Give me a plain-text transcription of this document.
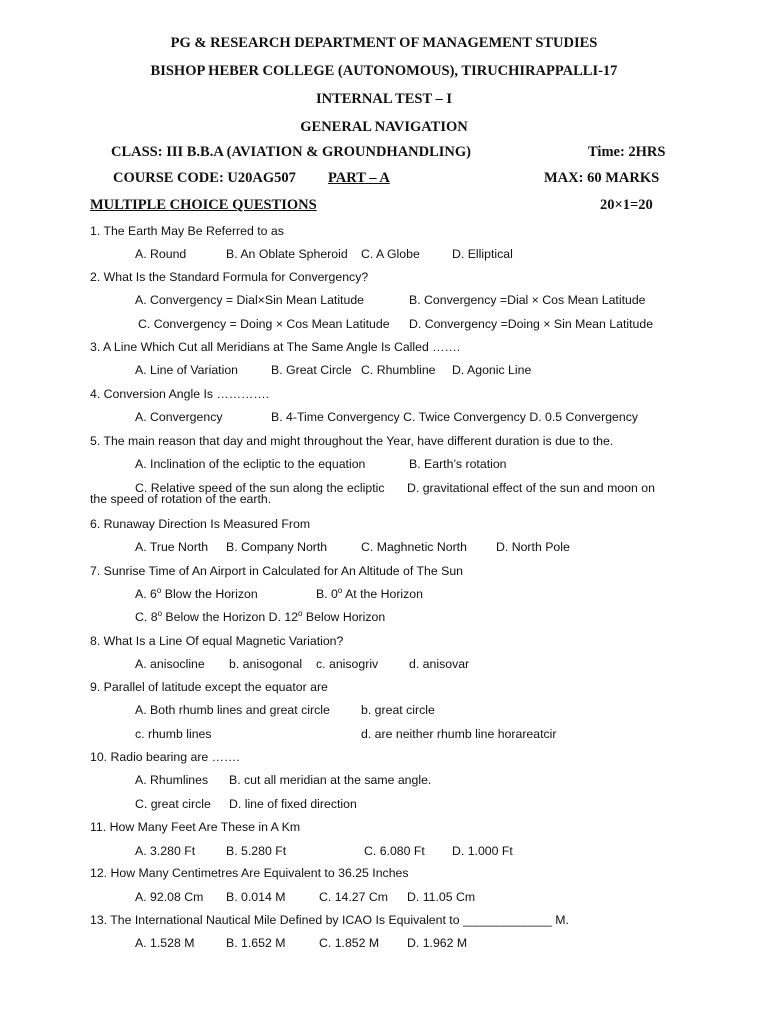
PG & RESEARCH DEPARTMENT OF MANAGEMENT STUDIES
BISHOP HEBER COLLEGE (AUTONOMOUS), TIRUCHIRAPPALLI-17
INTERNAL TEST – I
GENERAL NAVIGATION
CLASS: III B.B.A (AVIATION & GROUNDHANDLING)	Time: 2HRS
COURSE CODE: U20AG507 PART – A	MAX: 60 MARKS
MULTIPLE CHOICE QUESTIONS	20×1=20
1. The Earth May Be Referred to as
A. Round	B. An Oblate Spheroid C. A Globe	D. Elliptical
2. What Is the Standard Formula for Convergency?
A. Convergency = Dial×Sin Mean Latitude	B. Convergency =Dial × Cos Mean Latitude
C. Convergency = Doing × Cos Mean Latitude D. Convergency =Doing × Sin Mean Latitude
3. A Line Which Cut all Meridians at The Same Angle Is Called …….
A. Line of Variation	B. Great Circle C. Rhumbline D. Agonic Line
4. Conversion Angle Is ………….
A. Convergency	B. 4-Time Convergency C. Twice Convergency D. 0.5 Convergency
5. The main reason that day and might throughout the Year, have different duration is due to the.
A. Inclination of the ecliptic to the equation	B. Earth’s rotation
C. Relative speed of the sun along the ecliptic D. gravitational effect of the sun and moon on
the speed of rotation of the earth.
6. Runaway Direction Is Measured From
A. True North B. Company North	C. Maghnetic North D. North Pole
7. Sunrise Time of An Airport in Calculated for An Altitude of The Sun
A. 6$^o$ Blow the Horizon	B. 0$^o$ At the Horizon
C. 8$^o$ Below the Horizon D. 12$^o$ Below Horizon
8. What Is a Line Of equal Magnetic Variation?
A. anisocline b. anisogonal c. anisogriv	d. anisovar
9. Parallel of latitude except the equator are
A. Both rhumb lines and great circle	b. great circle
c. rhumb lines	d. are neither rhumb line horareatcir
10. Radio bearing are …….
A. Rhumlines B. cut all meridian at the same angle.
C. great circle D. line of fixed direction
11. How Many Feet Are These in A Km
A. 3.280 Ft	B. 5.280 Ft	C. 6.080 Ft D. 1.000 Ft
12. How Many Centimetres Are Equivalent to 36.25 Inches
A. 92.08 Cm B. 0.014 M	C. 14.27 Cm D. 11.05 Cm
13. The International Nautical Mile Defined by ICAO Is Equivalent to _____________ M.
A. 1.528 M	B. 1.652 M	C. 1.852 M D. 1.962 M
